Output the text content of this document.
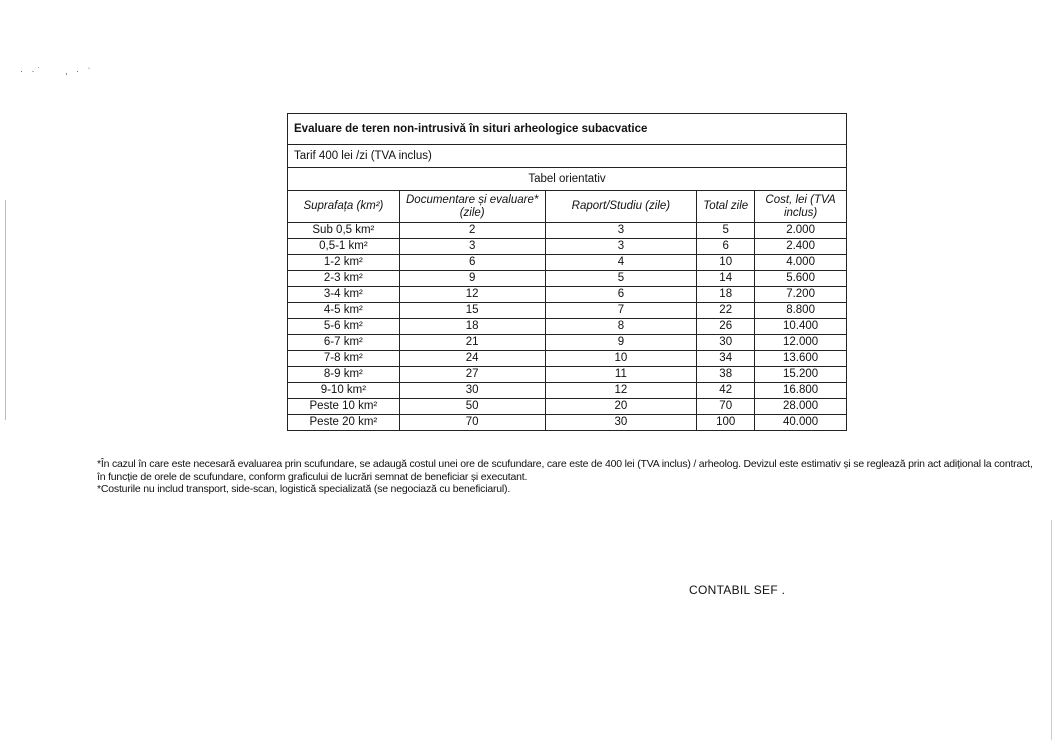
· ·˙    ‚ · ˈ
Evaluare de teren non-intrusivă în situri arheologice subacvatice				
Tarif 400 lei /zi (TVA inclus)				
Tabel orientativ				
Suprafața (km²)	Documentare și evaluare* (zile)	Raport/Studiu (zile)	Total zile	Cost, lei (TVA inclus)
Sub 0,5 km²	2	3	5	2.000
0,5-1 km²	3	3	6	2.400
1-2 km²	6	4	10	4.000
2-3 km²	9	5	14	5.600
3-4 km²	12	6	18	7.200
4-5 km²	15	7	22	8.800
5-6 km²	18	8	26	10.400
6-7 km²	21	9	30	12.000
7-8 km²	24	10	34	13.600
8-9 km²	27	11	38	15.200
9-10 km²	30	12	42	16.800
Peste 10 km²	50	20	70	28.000
Peste 20 km²	70	30	100	40.000

*În cazul în care este necesară evaluarea prin scufundare, se adaugă costul unei ore de scufundare, care este de 400 lei (TVA inclus) / arheolog. Devizul este estimativ și se reglează prin act adițional la contract, în funcție de orele de scufundare, conform graficului de lucrări semnat de beneficiar și executant.

*Costurile nu includ transport, side-scan, logistică specializată (se negociază cu beneficiarul).

CONTABIL SEF .
